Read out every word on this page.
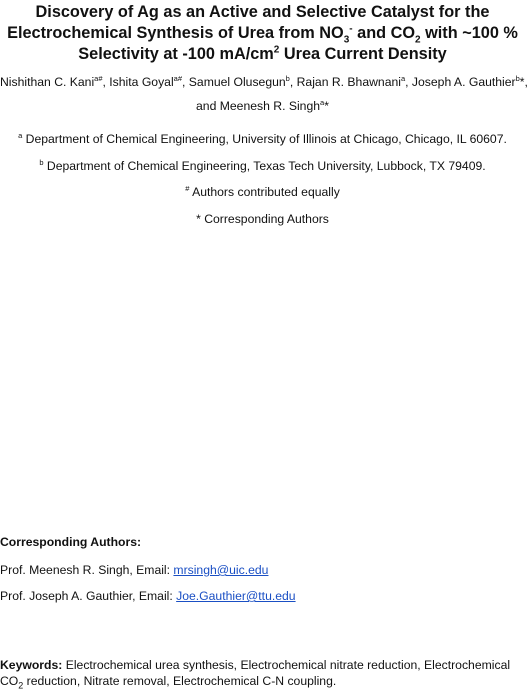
Discovery of Ag as an Active and Selective Catalyst for the
Electrochemical Synthesis of Urea from $NO_3^-$ and $CO_2$ with ~100 %
Selectivity at -100 $mA/cm^2$ Urea Current Density
Nishithan C. Kani$^{a\#}$, Ishita Goyal$^{a\#}$, Samuel Olusegun$^b$, Rajan R. Bhawnani$^a$, Joseph A. Gauthier$^b$*,
and Meenesh R. Singh$^a$*
$^a$ Department of Chemical Engineering, University of Illinois at Chicago, Chicago, IL 60607.
$^b$ Department of Chemical Engineering, Texas Tech University, Lubbock, TX 79409.
# Authors contributed equally
* Corresponding Authors
Corresponding Authors:
Prof. Meenesh R. Singh, Email: mrsingh@uic.edu
Prof. Joseph A. Gauthier, Email: Joe.Gauthier@ttu.edu
Keywords: Electrochemical urea synthesis, Electrochemical nitrate reduction, Electrochemical
$CO_2$ reduction, Nitrate removal, Electrochemical C-N coupling.
